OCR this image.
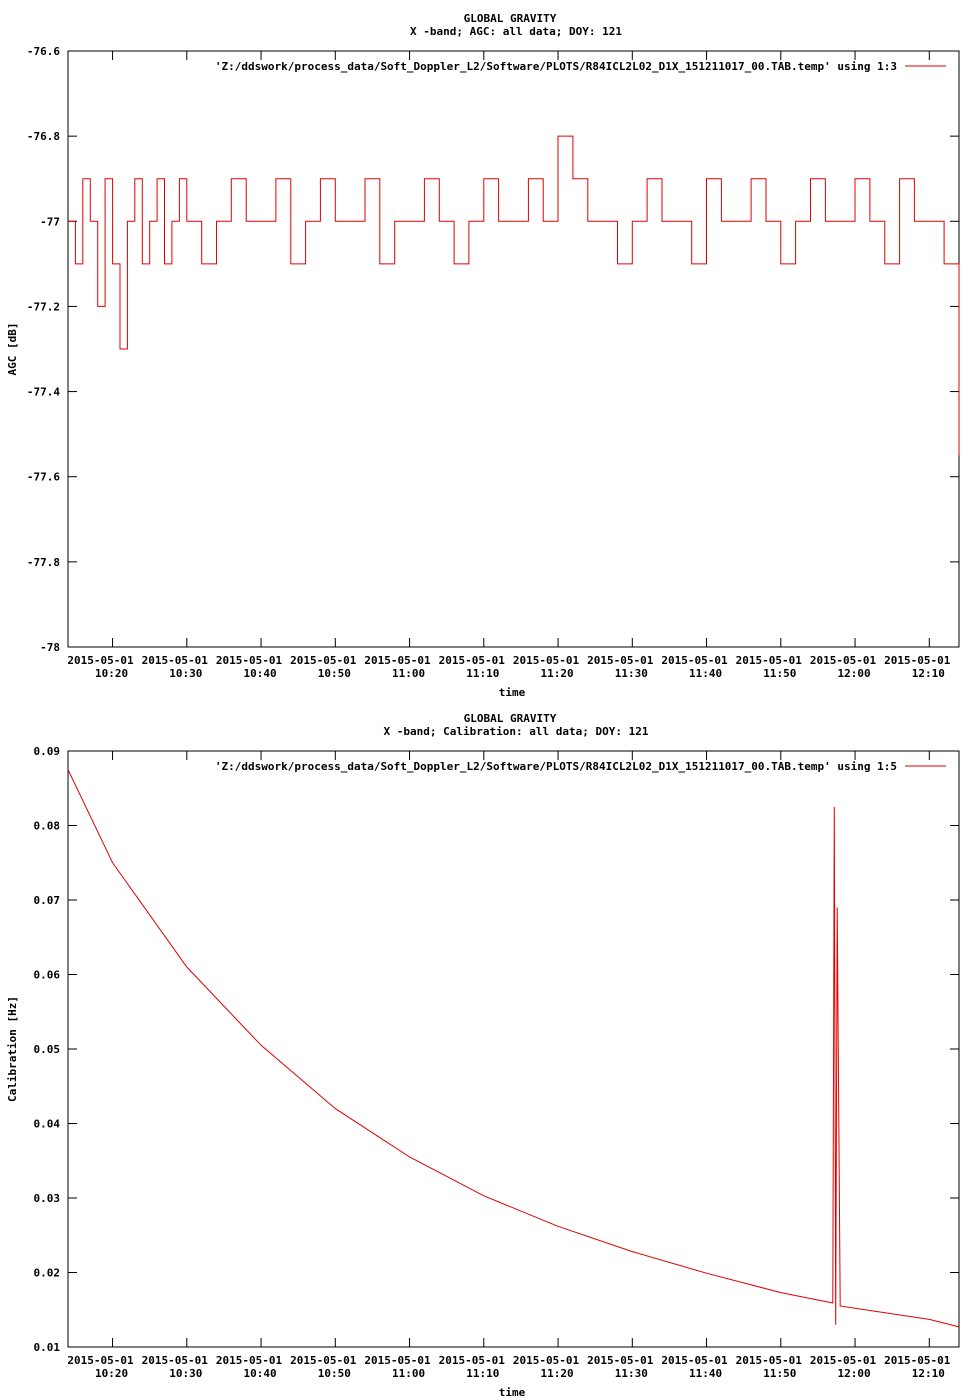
GLOBAL GRAVITY
X -band; AGC: all data; DOY: 121
-76.6
-76.8
-77
-77.2
-77.4
-77.6
-77.8
-78
2015-05-01
10:20
2015-05-01
10:30
2015-05-01
10:40
2015-05-01
10:50
2015-05-01
11:00
2015-05-01
11:10
2015-05-01
11:20
2015-05-01
11:30
2015-05-01
11:40
2015-05-01
11:50
2015-05-01
12:00
2015-05-01
12:10
time
AGC [dB]
'Z:/ddswork/process_data/Soft_Doppler_L2/Software/PLOTS/R84ICL2L02_D1X_151211017_00.TAB.temp' using 1:3
GLOBAL GRAVITY
X -band; Calibration: all data; DOY: 121
0.09
0.08
0.07
0.06
0.05
0.04
0.03
0.02
0.01
2015-05-01
10:20
2015-05-01
10:30
2015-05-01
10:40
2015-05-01
10:50
2015-05-01
11:00
2015-05-01
11:10
2015-05-01
11:20
2015-05-01
11:30
2015-05-01
11:40
2015-05-01
11:50
2015-05-01
12:00
2015-05-01
12:10
time
Calibration [Hz]
'Z:/ddswork/process_data/Soft_Doppler_L2/Software/PLOTS/R84ICL2L02_D1X_151211017_00.TAB.temp' using 1:5
